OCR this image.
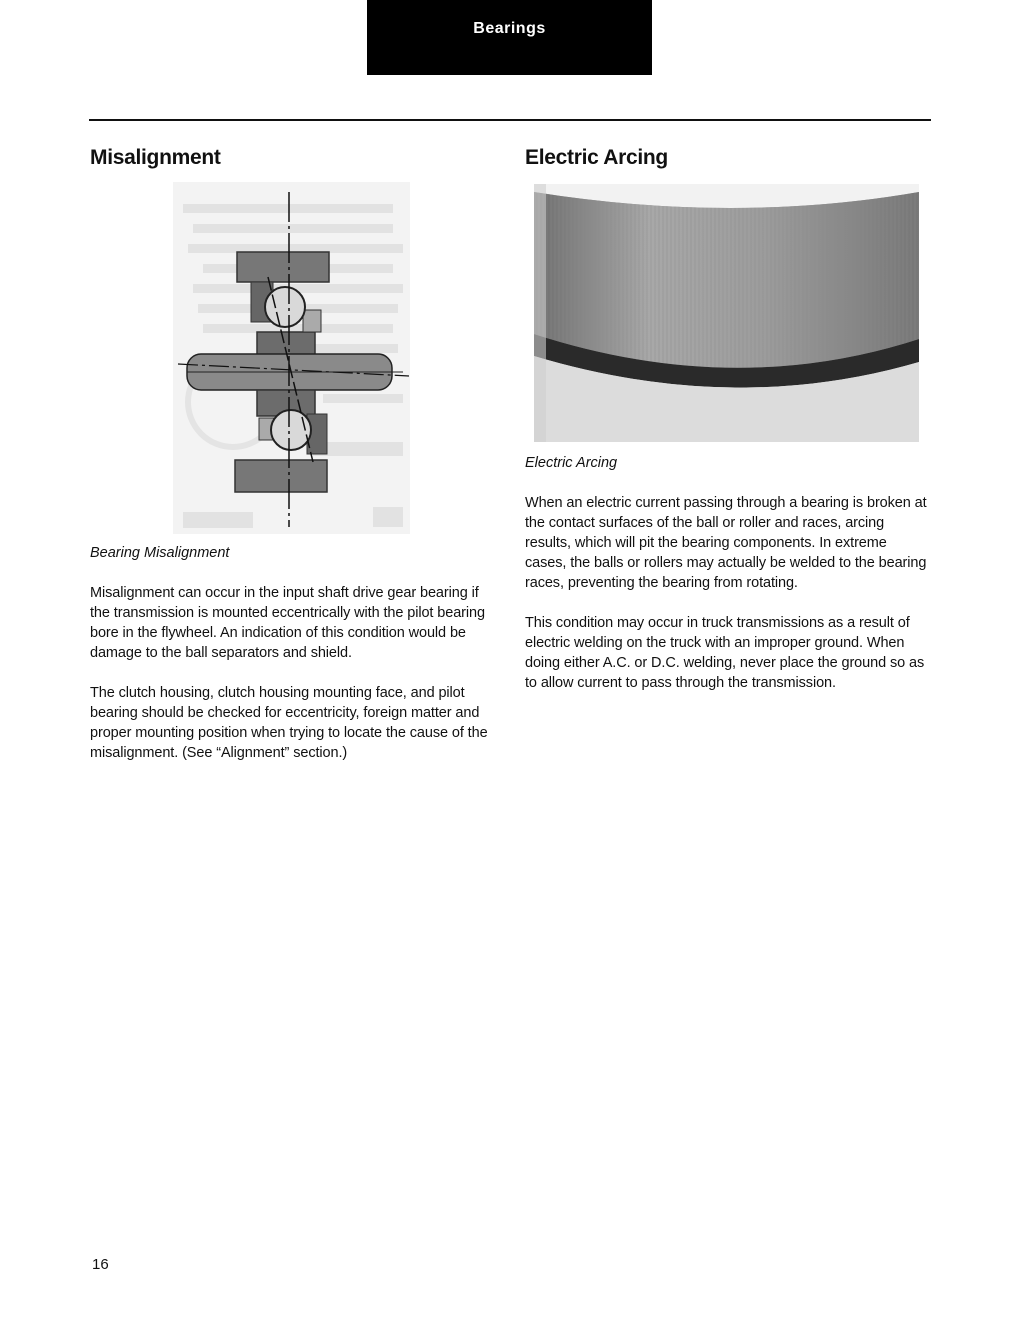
Bearings
Misalignment

Bearing Misalignment

Misalignment can occur in the input shaft drive gear bearing if the transmission is mounted eccentrically with the pilot bearing bore in the flywheel. An indication of this condition would be damage to the ball separators and shield.

The clutch housing, clutch housing mounting face, and pilot bearing should be checked for eccentricity, foreign matter and proper mounting position when trying to locate the cause of the misalignment. (See “Alignment” section.)

Electric Arcing

Electric Arcing

When an electric current passing through a bearing is broken at the contact surfaces of the ball or roller and races, arcing results, which will pit the bearing components. In extreme cases, the balls or rollers may actually be welded to the bearing races, preventing the bearing from rotating.

This condition may occur in truck transmissions as a result of electric welding on the truck with an improper ground. When doing either A.C. or D.C. welding, never place the ground so as to allow current to pass through the transmission.

16
